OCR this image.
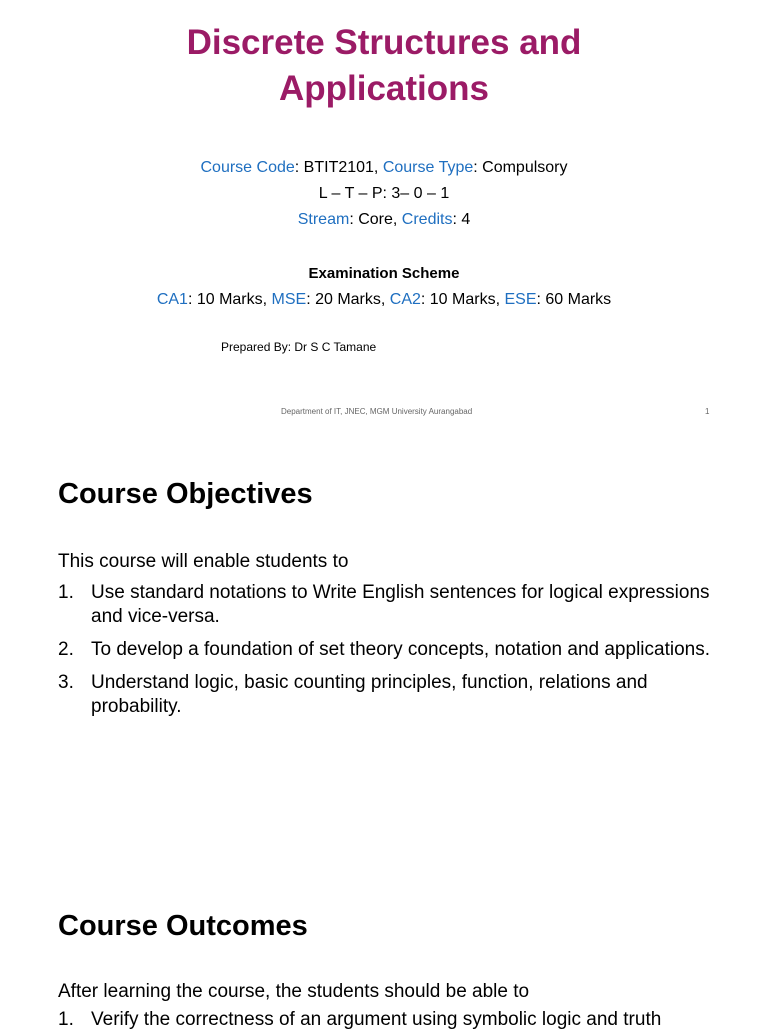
Discrete Structures and
Applications
Course Code: BTIT2101, Course Type: Compulsory
L – T – P: 3– 0 – 1
Stream: Core, Credits: 4
Examination Scheme
CA1: 10 Marks, MSE: 20 Marks, CA2: 10 Marks, ESE: 60 Marks
Prepared By: Dr S C Tamane
Department of IT, JNEC, MGM University Aurangabad	1
Course Objectives
This course will enable students to
1. Use standard notations to Write English sentences for logical expressions and vice-versa.
2. To develop a foundation of set theory concepts, notation and applications.
3. Understand logic, basic counting principles, function, relations and probability.
Course Outcomes
After learning the course, the students should be able to
1. Verify the correctness of an argument using symbolic logic and truth
